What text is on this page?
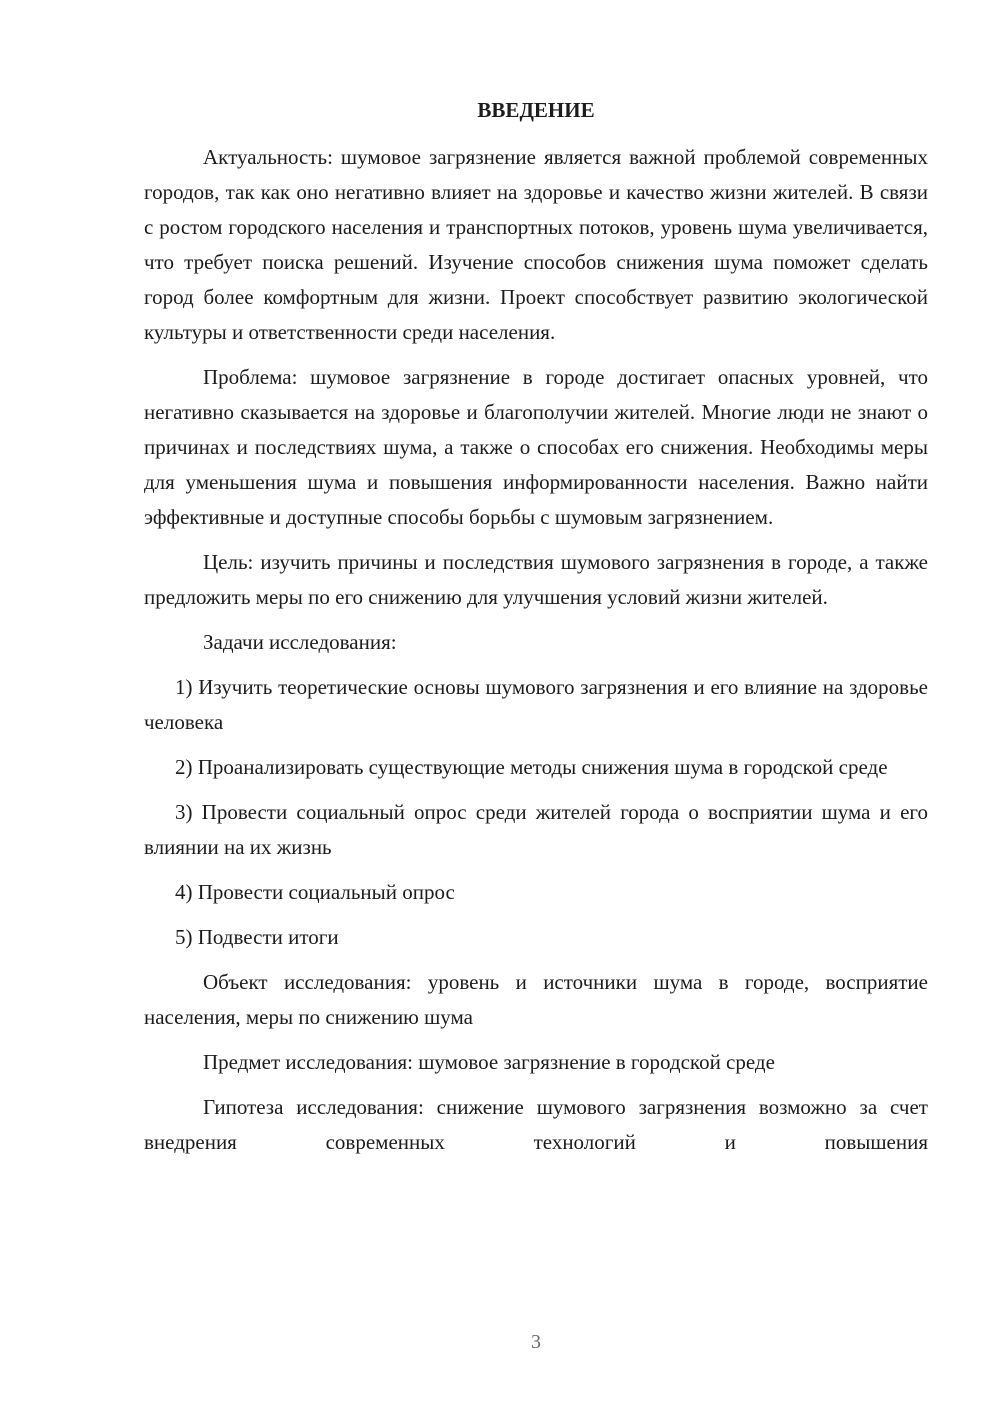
ВВЕДЕНИЕ

Актуальность: шумовое загрязнение является важной проблемой современных городов, так как оно негативно влияет на здоровье и качество жизни жителей. В связи с ростом городского населения и транспортных потоков, уровень шума увеличивается, что требует поиска решений. Изучение способов снижения шума поможет сделать город более комфортным для жизни. Проект способствует развитию экологической культуры и ответственности среди населения.

Проблема: шумовое загрязнение в городе достигает опасных уровней, что негативно сказывается на здоровье и благополучии жителей. Многие люди не знают о причинах и последствиях шума, а также о способах его снижения. Необходимы меры для уменьшения шума и повышения информированности населения. Важно найти эффективные и доступные способы борьбы с шумовым загрязнением.

Цель: изучить причины и последствия шумового загрязнения в городе, а также предложить меры по его снижению для улучшения условий жизни жителей.

Задачи исследования:

1) Изучить теоретические основы шумового загрязнения и его влияние на здоровье человека

2) Проанализировать существующие методы снижения шума в городской среде

3) Провести социальный опрос среди жителей города о восприятии шума и его влиянии на их жизнь

4) Провести социальный опрос

5) Подвести итоги

Объект исследования: уровень и источники шума в городе, восприятие населения, меры по снижению шума

Предмет исследования: шумовое загрязнение в городской среде

Гипотеза исследования: снижение шумового загрязнения возможно за счет внедрения современных технологий и повышения

3
